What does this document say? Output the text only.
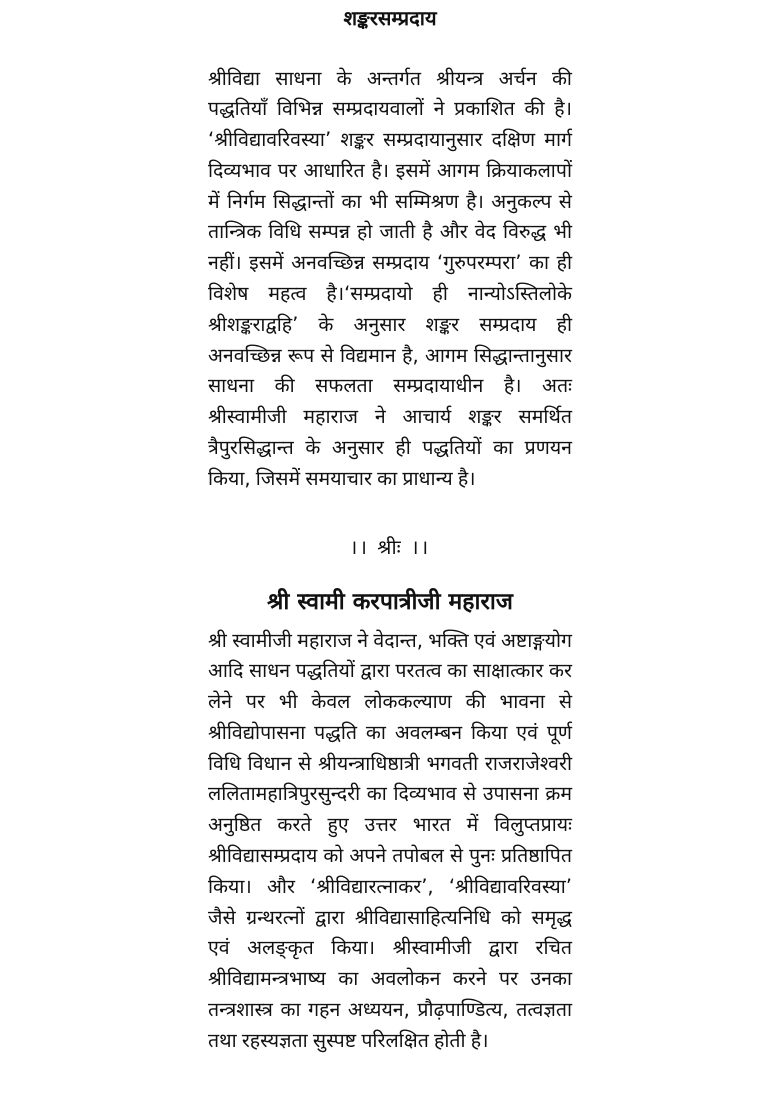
शङ्करसम्प्रदाय

श्रीविद्या साधना के अन्तर्गत श्रीयन्त्र अर्चन की पद्धतियाँ विभिन्न सम्प्रदायवालों ने प्रकाशित की है। ‘श्रीविद्यावरिवस्या’ शङ्कर सम्प्रदायानुसार दक्षिण मार्ग दिव्यभाव पर आधारित है। इसमें आगम क्रियाकलापों में निर्गम सिद्धान्तों का भी सम्मिश्रण है। अनुकल्प से तान्त्रिक विधि सम्पन्न हो जाती है और वेद विरुद्ध भी नहीं। इसमें अनवच्छिन्न सम्प्रदाय ‘गुरुपरम्परा’ का ही विशेष महत्व है।‘सम्प्रदायो ही नान्योऽस्तिलोके श्रीशङ्कराद्वहि’ के अनुसार शङ्कर सम्प्रदाय ही अनवच्छिन्न रूप से विद्यमान है, आगम सिद्धान्तानुसार साधना की सफलता सम्प्रदायाधीन है। अतः श्रीस्वामीजी महाराज ने आचार्य शङ्कर समर्थित त्रैपुरसिद्धान्त के अनुसार ही पद्धतियों का प्रणयन किया, जिसमें समयाचार का प्राधान्य है।

।। श्रीः ।।
श्री स्वामी करपात्रीजी महाराज

श्री स्वामीजी महाराज ने वेदान्त, भक्ति एवं अष्टाङ्गयोग आदि साधन पद्धतियों द्वारा परतत्व का साक्षात्कार कर लेने पर भी केवल लोककल्याण की भावना से श्रीविद्योपासना पद्धति का अवलम्बन किया एवं पूर्ण विधि विधान से श्रीयन्त्राधिष्ठात्री भगवती राजराजेश्वरी ललितामहात्रिपुरसुन्दरी का दिव्यभाव से उपासना क्रम अनुष्ठित करते हुए उत्तर भारत में विलुप्तप्रायः श्रीविद्यासम्प्रदाय को अपने तपोबल से पुनः प्रतिष्ठापित किया। और ‘श्रीविद्यारत्नाकर’, ‘श्रीविद्यावरिवस्या’ जैसे ग्रन्थरत्नों द्वारा श्रीविद्यासाहित्यनिधि को समृद्ध एवं अलङ्कृत किया। श्रीस्वामीजी द्वारा रचित श्रीविद्यामन्त्रभाष्य का अवलोकन करने पर उनका तन्त्रशास्त्र का गहन अध्ययन, प्रौढ़पाण्डित्य, तत्वज्ञता तथा रहस्यज्ञता सुस्पष्ट परिलक्षित होती है।
